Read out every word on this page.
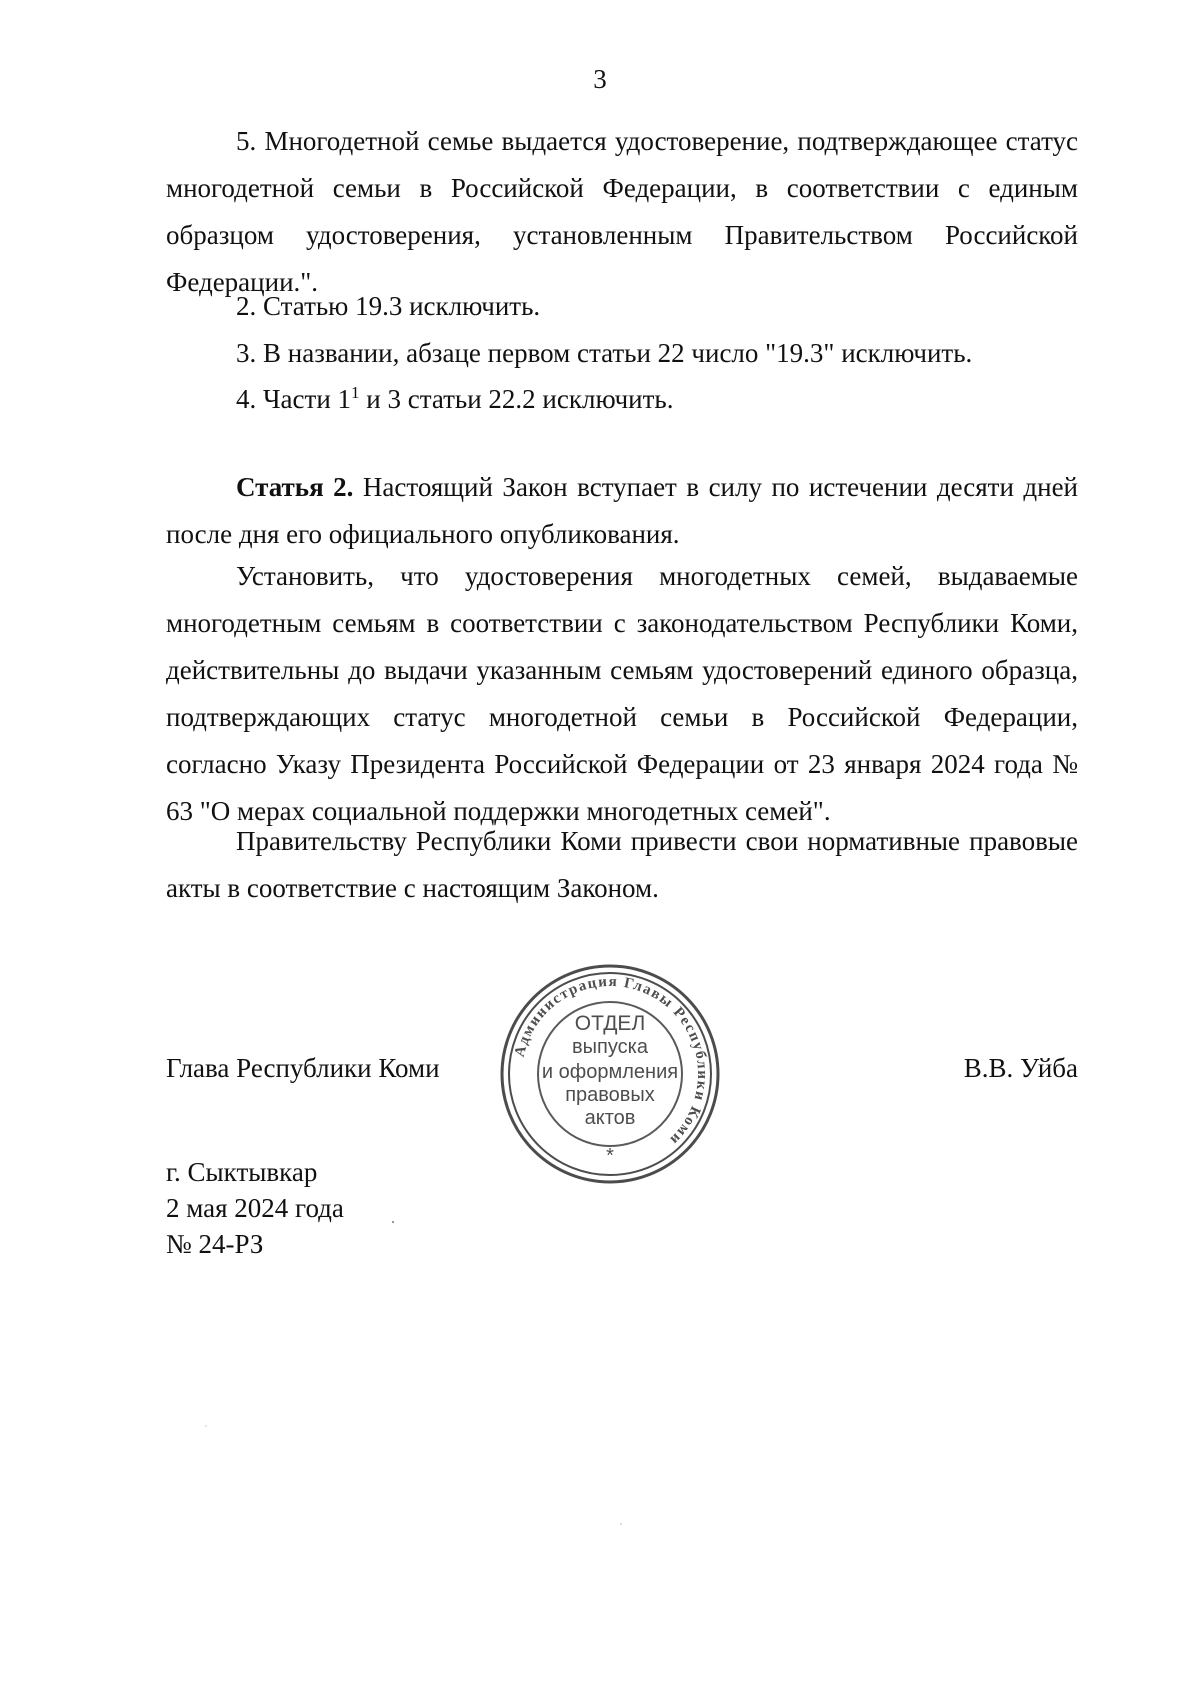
3
5. Многодетной семье выдается удостоверение, подтверждающее статус многодетной семьи в Российской Федерации, в соответствии с единым образцом удостоверения, установленным Правительством Российской Федерации.".
2. Статью 19.3 исключить.
3. В названии, абзаце первом статьи 22 число "19.3" исключить.
4. Части $1^1$ и 3 статьи 22.2 исключить.
Статья 2. Настоящий Закон вступает в силу по истечении десяти дней после дня его официального опубликования.
Установить, что удостоверения многодетных семей, выдаваемые многодетным семьям в соответствии с законодательством Республики Коми, действительны до выдачи указанным семьям удостоверений единого образца, подтверждающих статус многодетной семьи в Российской Федерации, согласно Указу Президента Российской Федерации от 23 января 2024 года № 63 "О мерах социальной поддержки многодетных семей".
Правительству Республики Коми привести свои нормативные правовые акты в соответствие с настоящим Законом.
Глава Республики Коми	В.В. Уйба
г. Сыктывкар
2 мая 2024 года
№ 24-РЗ
Администрация Главы Республики Коми
ОТДЕЛ
выпуска
и оформления
правовых
актов
*
